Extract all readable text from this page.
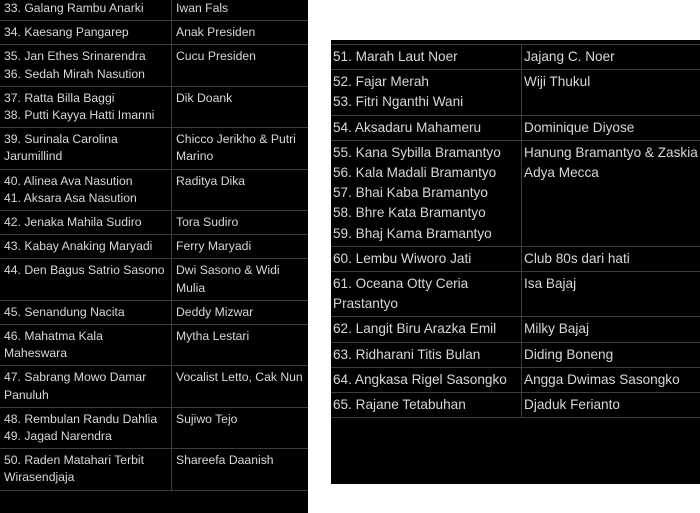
33. Galang Rambu Anarki	Iwan Fals

34. Kaesang Pangarep	Anak Presiden

35. Jan Ethes Srinarendra
36. Sedah Mirah Nasution	Cucu Presiden

37. Ratta Billa Baggi
38. Putti Kayya Hatti Imanni	Dik Doank

39. Surinala Carolina Jarumillind	Chicco Jerikho & Putri Marino

40. Alinea Ava Nasution
41. Aksara Asa Nasution	Raditya Dika

42. Jenaka Mahila Sudiro	Tora Sudiro

43. Kabay Anaking Maryadi	Ferry Maryadi

44. Den Bagus Satrio Sasono	Dwi Sasono & Widi Mulia

45. Senandung Nacita	Deddy Mizwar

46. Mahatma Kala Maheswara	Mytha Lestari

47. Sabrang Mowo Damar Panuluh	Vocalist Letto, Cak Nun

48. Rembulan Randu Dahlia
49. Jagad Narendra	Sujiwo Tejo

50. Raden Matahari Terbit Wirasendjaja	Shareefa Daanish
51. Marah Laut Noer	Jajang C. Noer

52. Fajar Merah
53. Fitri Nganthi Wani	Wiji Thukul

54. Aksadaru Mahameru	Dominique Diyose

55. Kana Sybilla Bramantyo
56. Kala Madali Bramantyo
57. Bhai Kaba Bramantyo
58. Bhre Kata Bramantyo
59. Bhaj Kama Bramantyo	Hanung Bramantyo & Zaskia Adya Mecca

60. Lembu Wiworo Jati	Club 80s dari hati

61. Oceana Otty Ceria Prastantyo	Isa Bajaj

62. Langit Biru Arazka Emil	Milky Bajaj

63. Ridharani Titis Bulan	Diding Boneng

64. Angkasa Rigel Sasongko	Angga Dwimas Sasongko

65. Rajane Tetabuhan	Djaduk Ferianto
